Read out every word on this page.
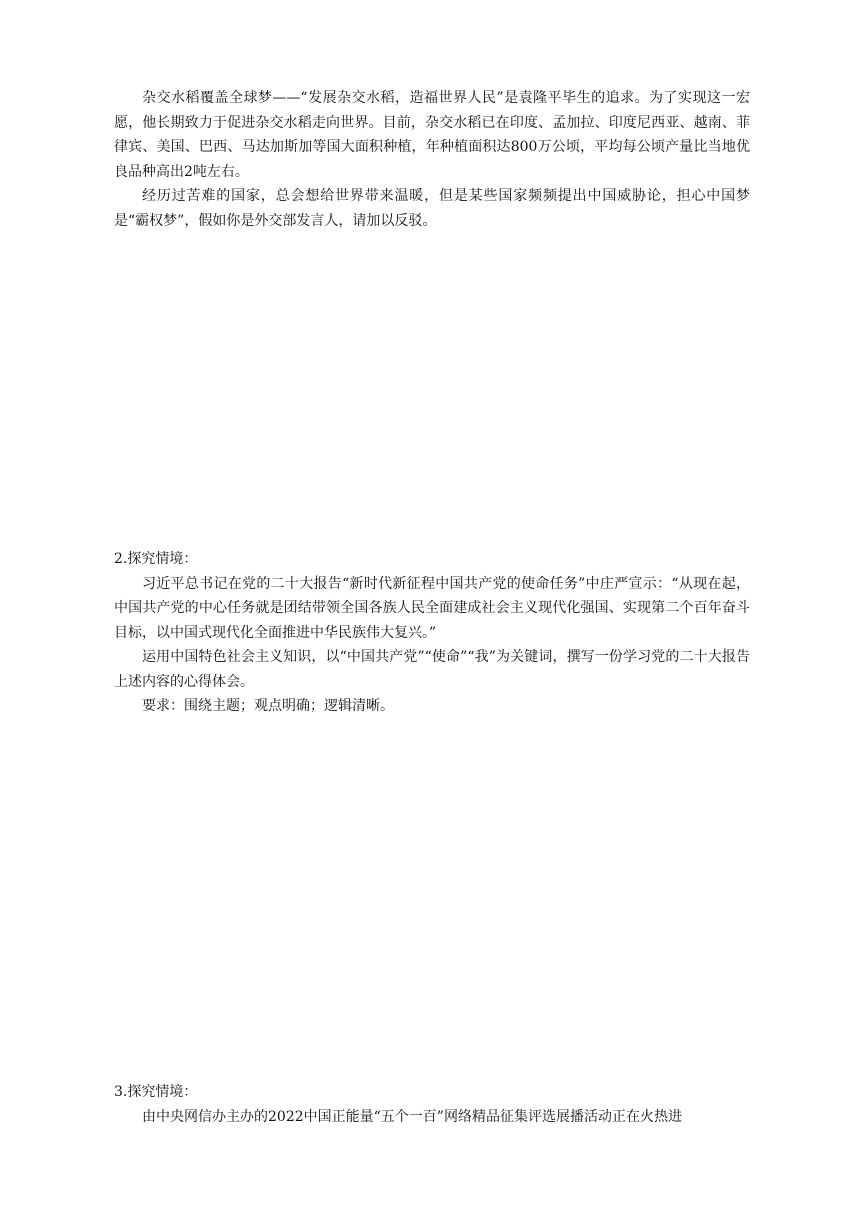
杂交水稻覆盖全球梦——“发展杂交水稻，造福世界人民”是袁隆平毕生的追求。为了实现这一宏愿，他长期致力于促进杂交水稻走向世界。目前，杂交水稻已在印度、孟加拉、印度尼西亚、越南、菲律宾、美国、巴西、马达加斯加等国大面积种植，年种植面积达800万公顷，平均每公顷产量比当地优良品种高出2吨左右。

经历过苦难的国家，总会想给世界带来温暖，但是某些国家频频提出中国威胁论，担心中国梦是“霸权梦”，假如你是外交部发言人，请加以反驳。

2.探究情境：

习近平总书记在党的二十大报告“新时代新征程中国共产党的使命任务”中庄严宣示：“从现在起，中国共产党的中心任务就是团结带领全国各族人民全面建成社会主义现代化强国、实现第二个百年奋斗目标，以中国式现代化全面推进中华民族伟大复兴。”

运用中国特色社会主义知识，以“中国共产党”“使命”“我”为关键词，撰写一份学习党的二十大报告上述内容的心得体会。

要求：围绕主题；观点明确；逻辑清晰。

3.探究情境：

由中央网信办主办的2022中国正能量“五个一百”网络精品征集评选展播活动正在火热进
